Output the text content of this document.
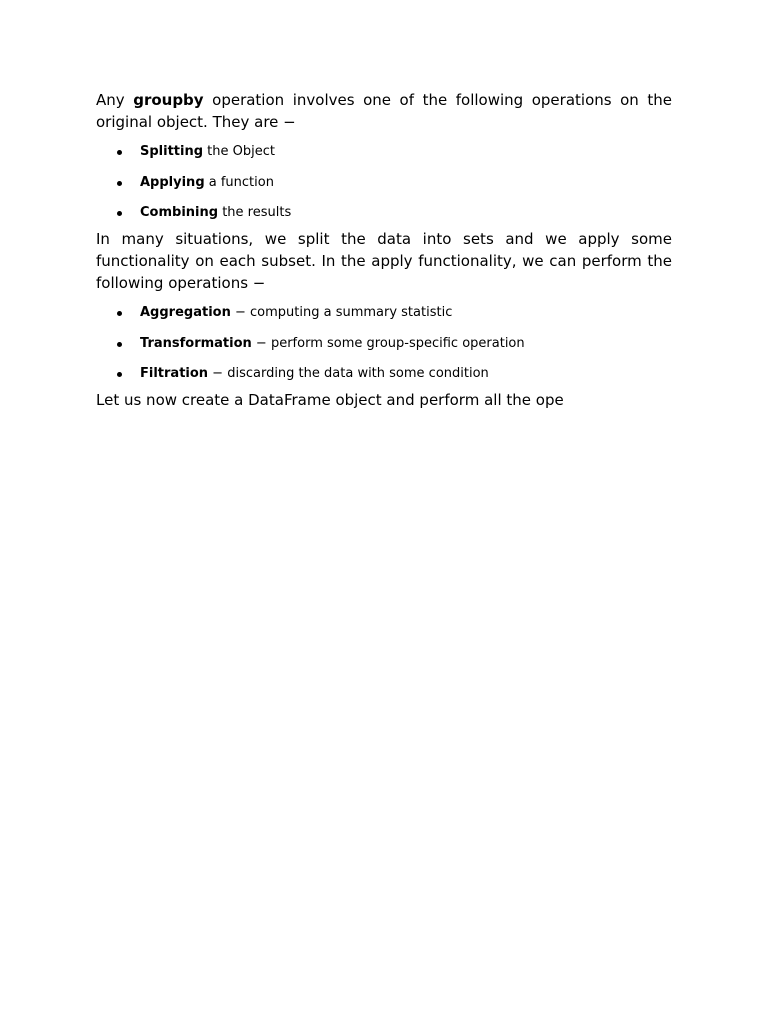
Any groupby operation involves one of the following operations on the original object. They are −

Splitting the Object
Applying a function
Combining the results

In many situations, we split the data into sets and we apply some functionality on each subset. In the apply functionality, we can perform the following operations −

Aggregation − computing a summary statistic
Transformation − perform some group-specific operation
Filtration − discarding the data with some condition

Let us now create a DataFrame object and perform all the ope
